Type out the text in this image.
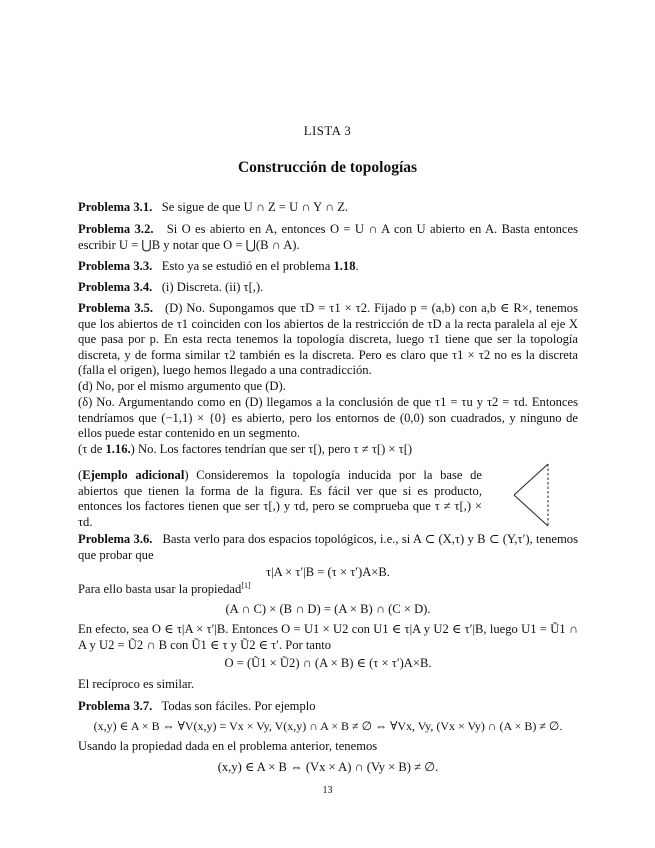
LISTA 3

Construcción de topologías

Problema 3.1. Se sigue de que U ∩ Z = U ∩ Y ∩ Z.

Problema 3.2. Si O es abierto en A, entonces O = U ∩ A con U abierto en A. Basta entonces escribir U = ⋃B y notar que O = ⋃(B ∩ A).

Problema 3.3. Esto ya se estudió en el problema 1.18.

Problema 3.4. (i) Discreta. (ii) τ[,).

Problema 3.5. (D) No. Supongamos que τD = τ1 × τ2. Fijado p = (a,b) con a,b ∈ R×, tenemos que los abiertos de τ1 coinciden con los abiertos de la restricción de τD a la recta paralela al eje X que pasa por p. En esta recta tenemos la topología discreta, luego τ1 tiene que ser la topología discreta, y de forma similar τ2 también es la discreta. Pero es claro que τ1 × τ2 no es la discreta (falla el origen), luego hemos llegado a una contradicción.

(d) No, por el mismo argumento que (D).

(δ) No. Argumentando como en (D) llegamos a la conclusión de que τ1 = τu y τ2 = τd. Entonces tendríamos que (−1,1) × {0} es abierto, pero los entornos de (0,0) son cuadrados, y ninguno de ellos puede estar contenido en un segmento.

(τ de 1.16.) No. Los factores tendrían que ser τ[), pero τ ≠ τ[) × τ[)

(Ejemplo adicional) Consideremos la topología inducida por la base de abiertos que tienen la forma de la figura. Es fácil ver que si es producto, entonces los factores tienen que ser τ[,) y τd, pero se comprueba que τ ≠ τ[,) × τd.

Problema 3.6. Basta verlo para dos espacios topológicos, i.e., si A ⊂ (X,τ) y B ⊂ (Y,τ′), tenemos que probar que

τ|A × τ′|B = (τ × τ′)A×B.

Para ello basta usar la propiedad[1]

(A ∩ C) × (B ∩ D) = (A × B) ∩ (C × D).

En efecto, sea O ∈ τ|A × τ′|B. Entonces O = U1 × U2 con U1 ∈ τ|A y U2 ∈ τ′|B, luego U1 = Ũ1 ∩ A y U2 = Ũ2 ∩ B con Ũ1 ∈ τ y Ũ2 ∈ τ′. Por tanto

O = (Ũ1 × Ũ2) ∩ (A × B) ∈ (τ × τ′)A×B.

El recíproco es similar.

Problema 3.7. Todas son fáciles. Por ejemplo

(x,y) ∈ A × B ⇔ ∀V(x,y) = Vx × Vy, V(x,y) ∩ A × B ≠ ∅ ⇔ ∀Vx, Vy, (Vx × Vy) ∩ (A × B) ≠ ∅.

Usando la propiedad dada en el problema anterior, tenemos

(x,y) ∈ A × B ⇔ (Vx × A) ∩ (Vy × B) ≠ ∅.

13
